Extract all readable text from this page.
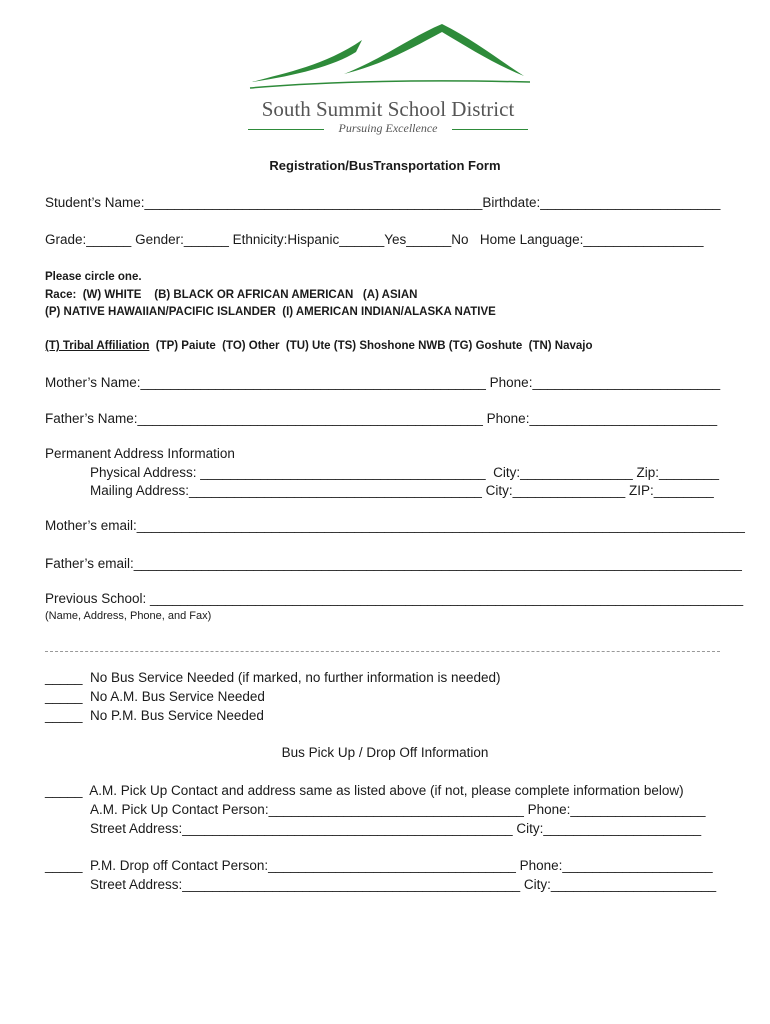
South Summit School District
Pursuing Excellence
Registration/BusTransportation Form
Student’s Name:_____________________________________________Birthdate:________________________
Grade:______ Gender:______ Ethnicity:Hispanic______Yes______No   Home Language:________________
Please circle one.
Race:  (W) WHITE    (B) BLACK OR AFRICAN AMERICAN   (A) ASIAN
(P) NATIVE HAWAIIAN/PACIFIC ISLANDER  (I) AMERICAN INDIAN/ALASKA NATIVE
(T) Tribal Affiliation  (TP) Paiute  (TO) Other  (TU) Ute (TS) Shoshone NWB (TG) Goshute  (TN) Navajo
Mother’s Name:______________________________________________ Phone:_________________________
Father’s Name:______________________________________________ Phone:_________________________
Permanent Address Information
Physical Address: ______________________________________  City:_______________ Zip:________
Mailing Address:_______________________________________ City:_______________ ZIP:________
Mother’s email:_________________________________________________________________________________
Father’s email:_________________________________________________________________________________
Previous School: _______________________________________________________________________________
(Name, Address, Phone, and Fax)
_____  No Bus Service Needed (if marked, no further information is needed)
_____  No A.M. Bus Service Needed
_____  No P.M. Bus Service Needed
Bus Pick Up / Drop Off Information
_____  A.M. Pick Up Contact and address same as listed above (if not, please complete information below)
A.M. Pick Up Contact Person:__________________________________ Phone:__________________
Street Address:____________________________________________ City:_____________________
_____  P.M. Drop off Contact Person:_________________________________ Phone:____________________
Street Address:_____________________________________________ City:______________________
